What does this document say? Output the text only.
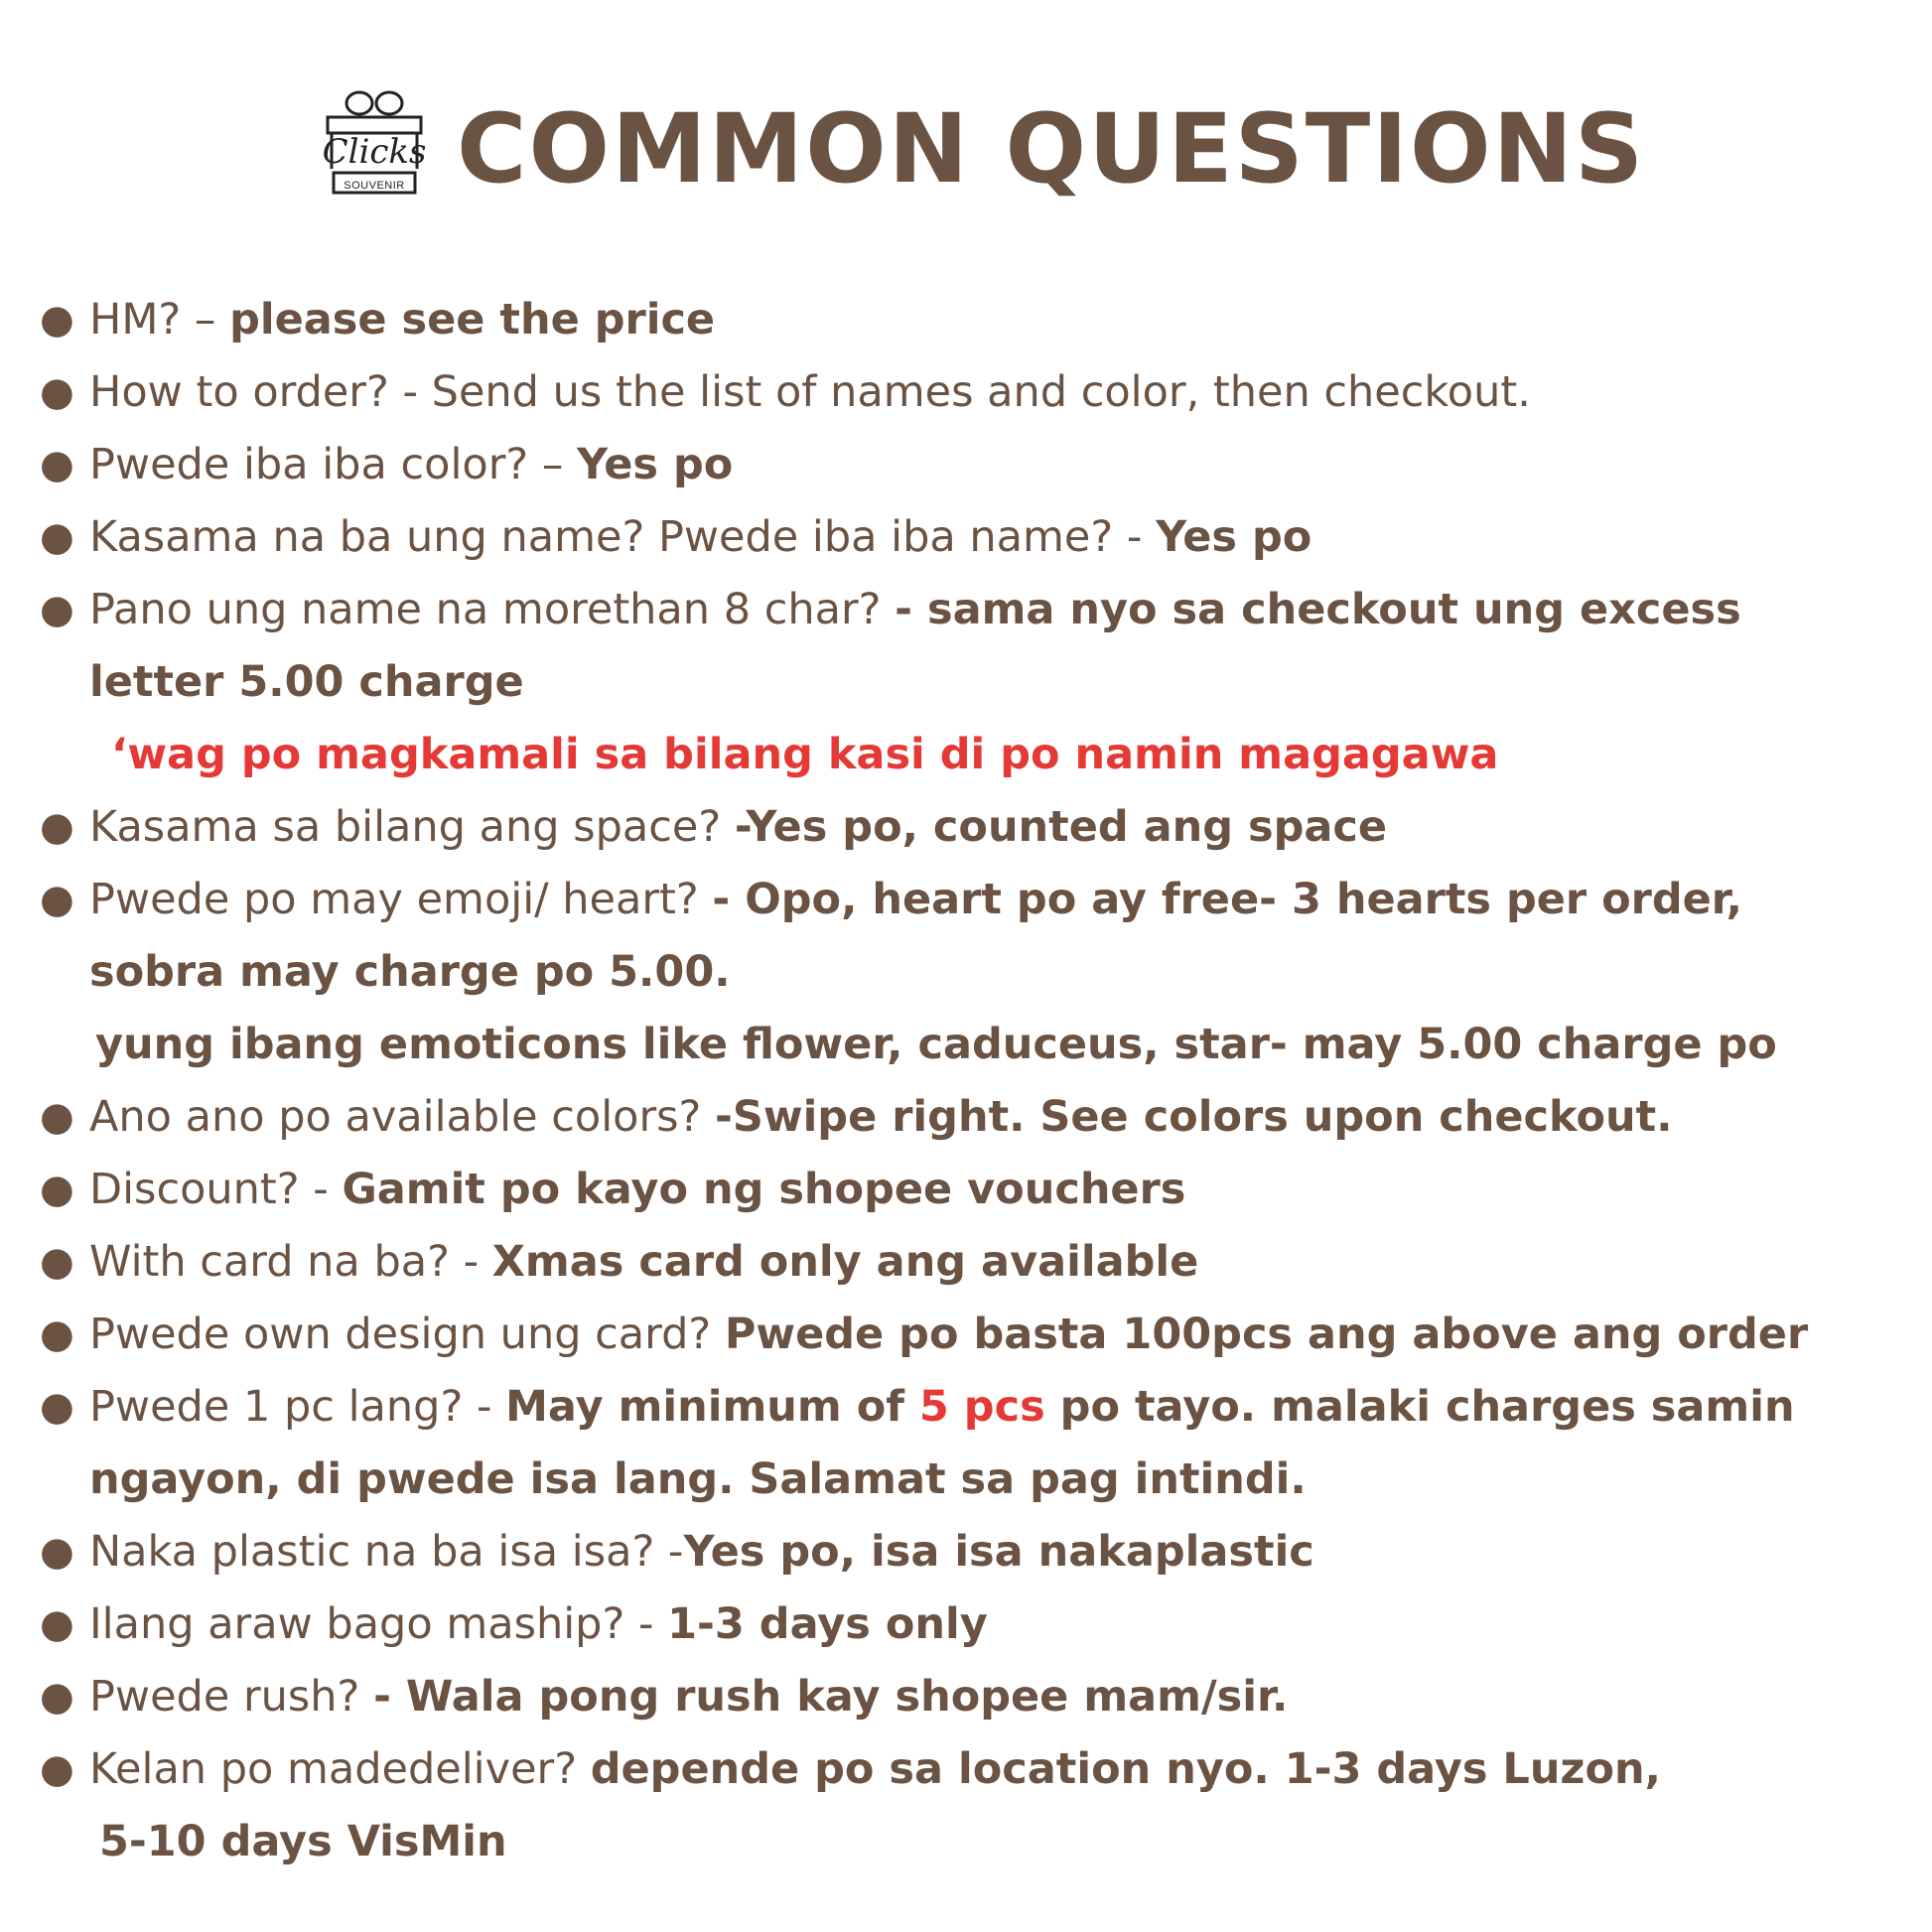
Clicks
SOUVENIR COMMON QUESTIONS
● HM? – please see the price
● How to order? - Send us the list of names and color, then checkout.
● Pwede iba iba color? – Yes po
● Kasama na ba ung name? Pwede iba iba name? - Yes po
● Pano ung name na morethan 8 char? - sama nyo sa checkout ung excess
letter 5.00 charge
‘wag po magkamali sa bilang kasi di po namin magagawa
● Kasama sa bilang ang space? -Yes po, counted ang space
● Pwede po may emoji/ heart? - Opo, heart po ay free- 3 hearts per order,
sobra may charge po 5.00.
yung ibang emoticons like flower, caduceus, star- may 5.00 charge po
● Ano ano po available colors? -Swipe right. See colors upon checkout.
● Discount? - Gamit po kayo ng shopee vouchers
● With card na ba? - Xmas card only ang available
● Pwede own design ung card? Pwede po basta 100pcs ang above ang order
● Pwede 1 pc lang? - May minimum of 5 pcs po tayo. malaki charges samin
ngayon, di pwede isa lang. Salamat sa pag intindi.
● Naka plastic na ba isa isa? -Yes po, isa isa nakaplastic
● Ilang araw bago maship? - 1-3 days only
● Pwede rush? - Wala pong rush kay shopee mam/sir.
● Kelan po madedeliver? depende po sa location nyo. 1-3 days Luzon,
5-10 days VisMin
